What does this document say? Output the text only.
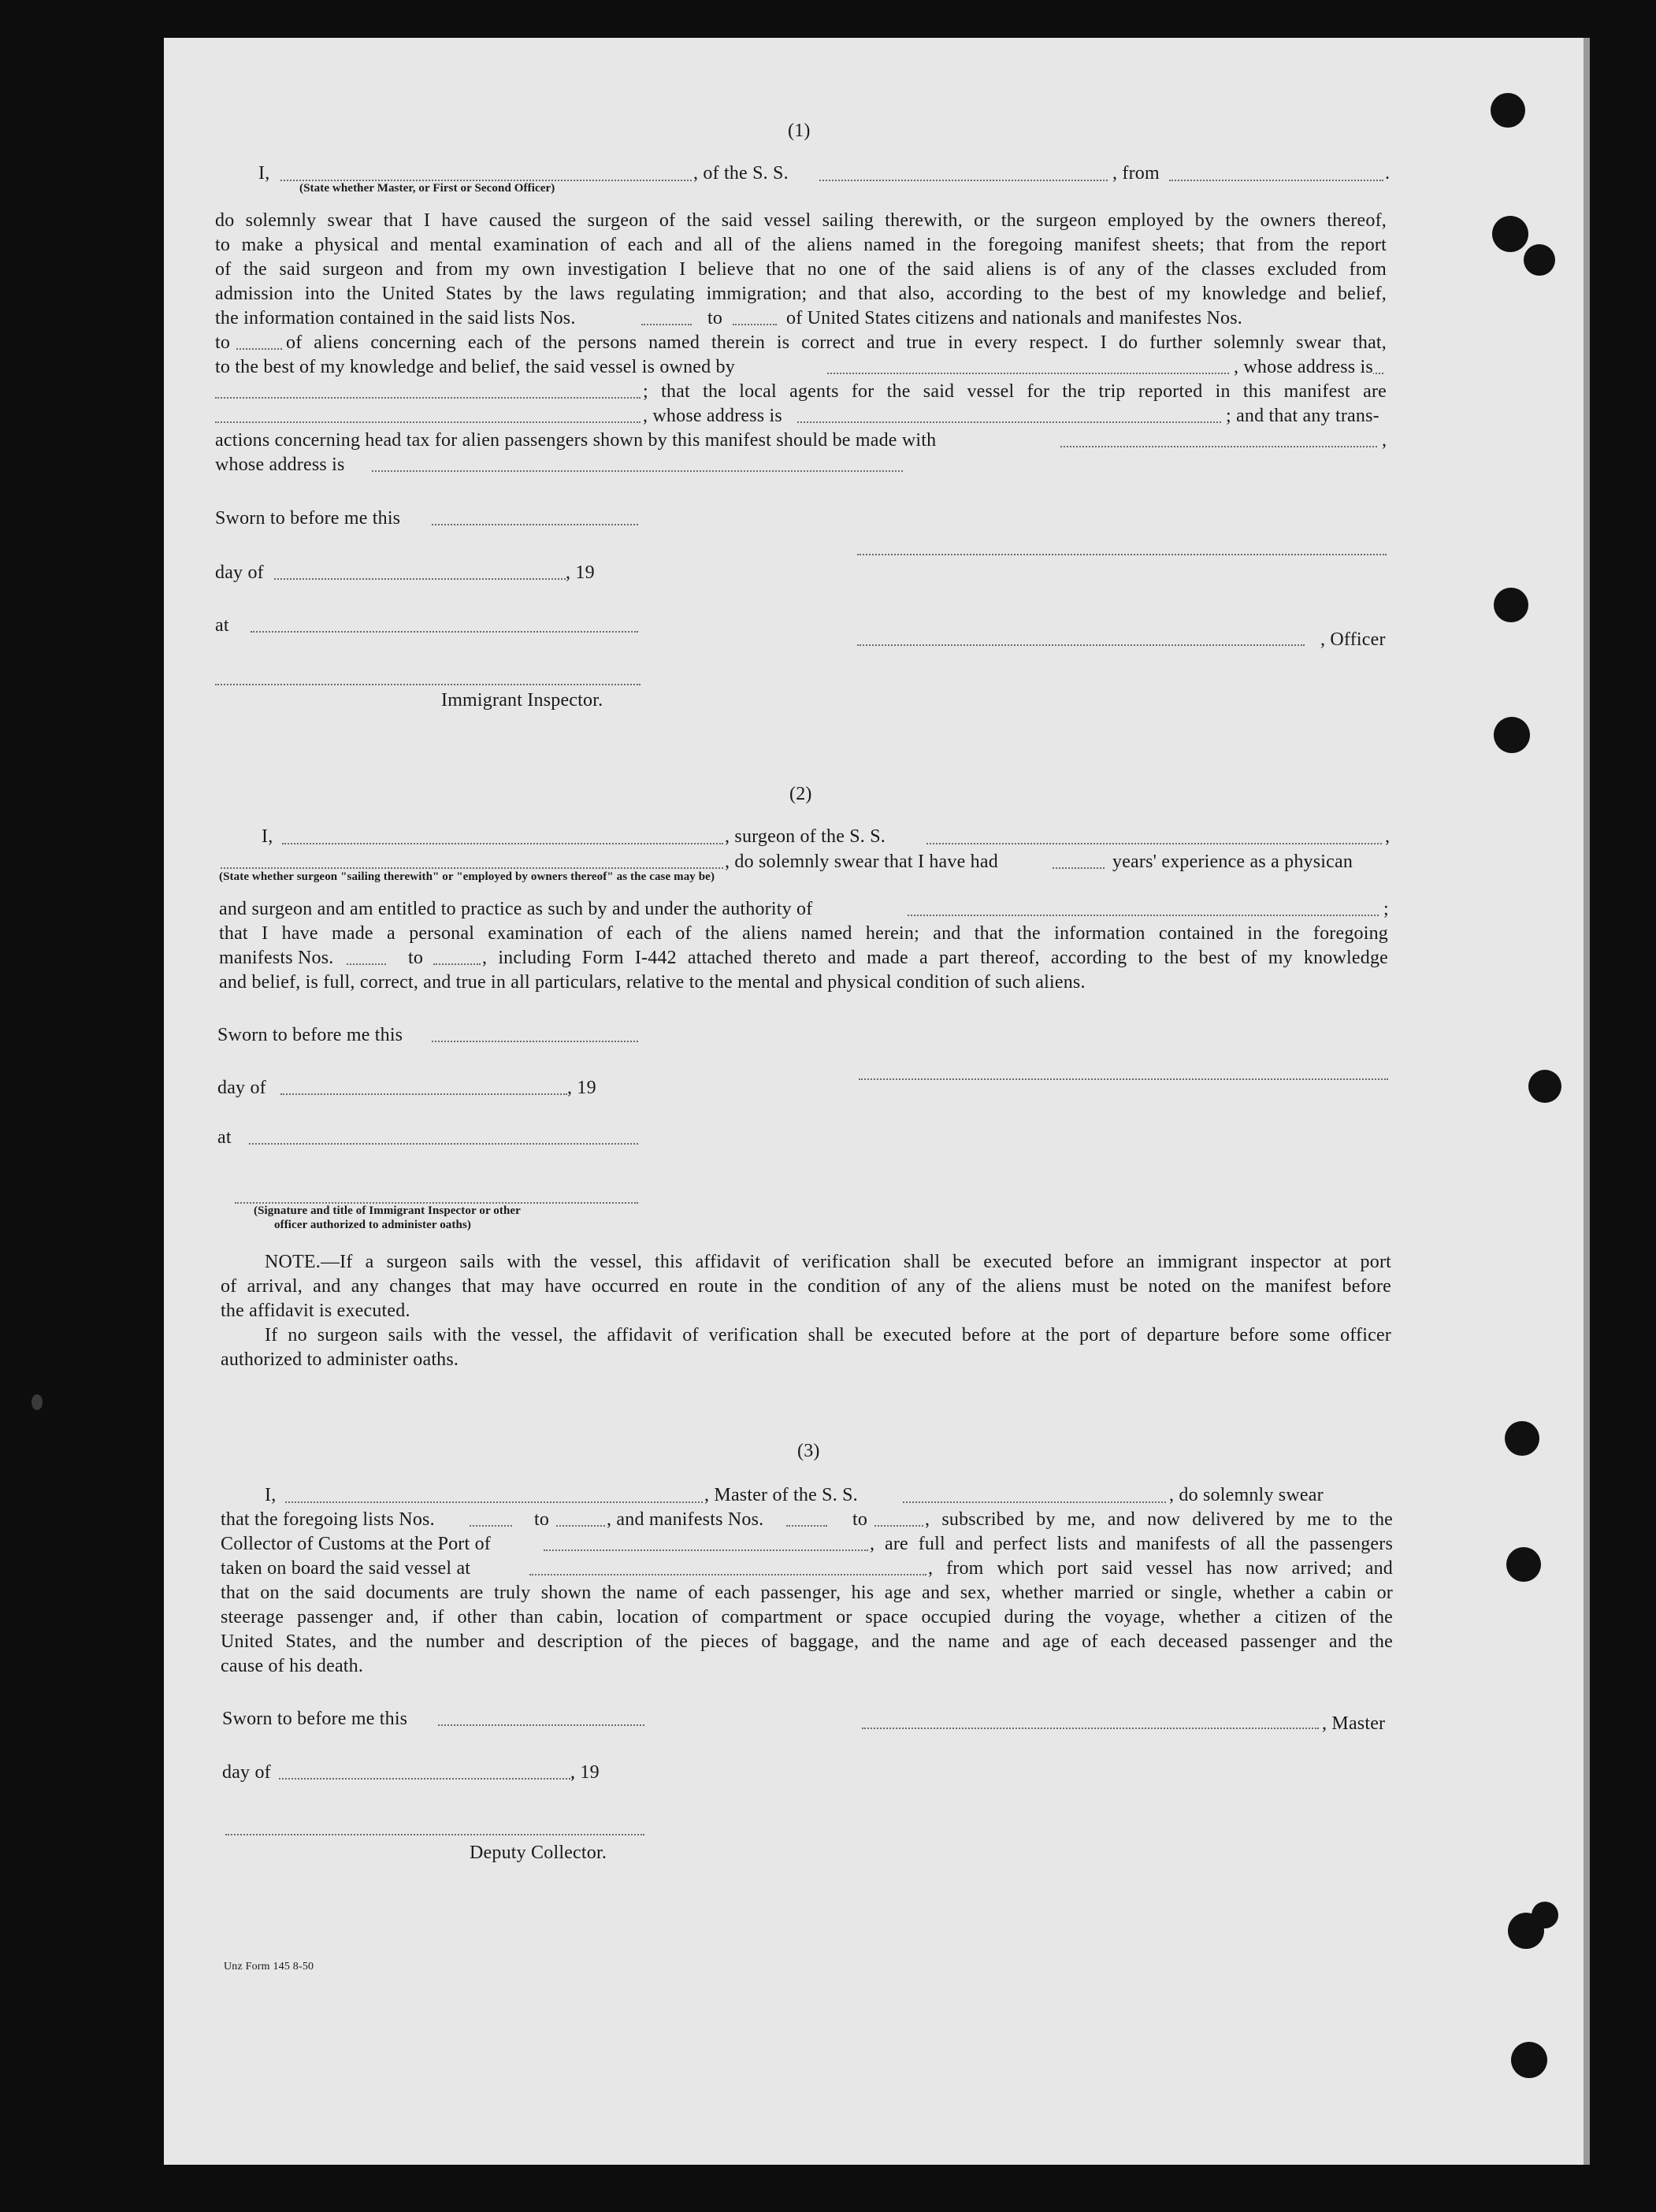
(1)
I,
(State whether Master, or First or Second Officer)
, of the S. S.	, from	.
do solemnly swear that I have caused the surgeon of the said vessel sailing therewith, or the surgeon employed by the owners thereof,
to make a physical and mental examination of each and all of the aliens named in the foregoing manifest sheets; that from the report
of the said surgeon and from my own investigation I believe that no one of the said aliens is of any of the classes excluded from
admission into the United States by the laws regulating immigration; and that also, according to the best of my knowledge and belief,
the information contained in the said lists Nos.	to	of United States citizens and nationals and manifestes Nos.
to	of aliens concerning each of the persons named therein is correct and true in every respect. I do further solemnly swear that,
to the best of my knowledge and belief, the said vessel is owned by	, whose address is
; that the local agents for the said vessel for the trip reported in this manifest are
, whose address is	; and that any trans-
actions concerning head tax for alien passengers shown by this manifest should be made with	,
whose address is
Sworn to before me this
day of	, 19
at
, Officer
Immigrant Inspector.
(2)
I,	, surgeon of the S. S.	,
, do solemnly swear that I have had	years' experience as a physican
(State whether surgeon "sailing therewith" or "employed by owners thereof" as the case may be)
and surgeon and am entitled to practice as such by and under the authority of	;
that I have made a personal examination of each of the aliens named herein; and that the information contained in the foregoing
manifests Nos.	to	, including Form I-442 attached thereto and made a part thereof, according to the best of my knowledge
and belief, is full, correct, and true in all particulars, relative to the mental and physical condition of such aliens.
Sworn to before me this
day of	, 19
at
(Signature and title of Immigrant Inspector or other
officer authorized to administer oaths)
NOTE.—If a surgeon sails with the vessel, this affidavit of verification shall be executed before an immigrant inspector at port
of arrival, and any changes that may have occurred en route in the condition of any of the aliens must be noted on the manifest before
the affidavit is executed.
If no surgeon sails with the vessel, the affidavit of verification shall be executed before at the port of departure before some officer
authorized to administer oaths.
(3)
I,	, Master of the S. S.	, do solemnly swear
that the foregoing lists Nos.	to	, and manifests Nos.	to	, subscribed by me, and now delivered by me to the
Collector of Customs at the Port of	, are full and perfect lists and manifests of all the passengers
taken on board the said vessel at	, from which port said vessel has now arrived; and
that on the said documents are truly shown the name of each passenger, his age and sex, whether married or single, whether a cabin or
steerage passenger and, if other than cabin, location of compartment or space occupied during the voyage, whether a citizen of the
United States, and the number and description of the pieces of baggage, and the name and age of each deceased passenger and the
cause of his death.
Sworn to before me this	, Master
day of	, 19
Deputy Collector.
Unz Form 145 8-50
